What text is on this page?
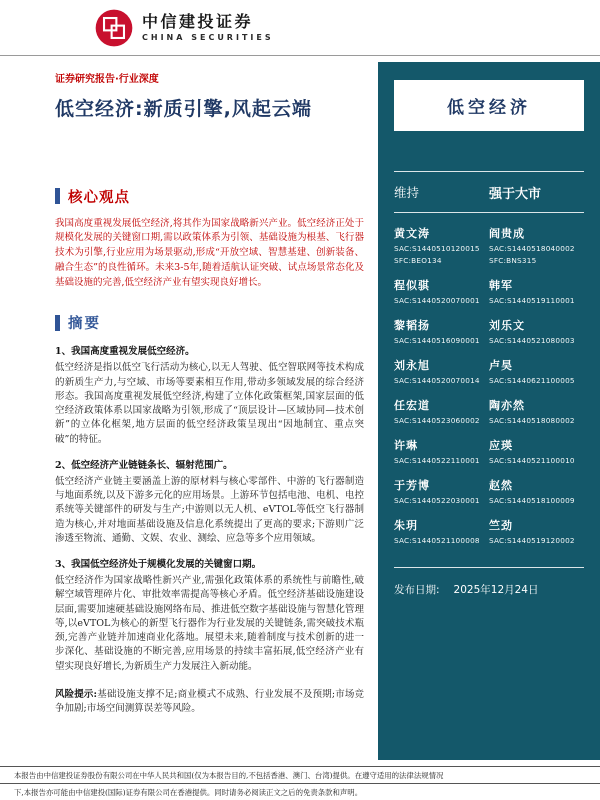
中信建投证券
CHINA SECURITIES
证券研究报告·行业深度
低空经济:新质引擎,风起云端
核心观点

我国高度重视发展低空经济,将其作为国家战略新兴产业。低空经济正处于规模化发展的关键窗口期,需以政策体系为引领、基础设施为根基、飞行器技术为引擎,行业应用为场景驱动,形成“开放空域、智慧基建、创新装备、融合生态”的良性循环。未来3-5年,随着适航认证突破、试点场景常态化及基础设施的完善,低空经济产业有望实现良好增长。

摘要
1、我国高度重视发展低空经济。

低空经济是指以低空飞行活动为核心,以无人驾驶、低空智联网等技术构成的新质生产力,与空域、市场等要素相互作用,带动多领域发展的综合经济形态。我国高度重视发展低空经济,构建了立体化政策框架,国家层面的低空经济政策体系以国家战略为引领,形成了“顶层设计—区域协同—技术创新”的立体化框架,地方层面的低空经济政策呈现出“因地制宜、重点突破”的特征。

2、低空经济产业链链条长、辐射范围广。

低空经济产业链主要涵盖上游的原材料与核心零部件、中游的飞行器制造与地面系统,以及下游多元化的应用场景。上游环节包括电池、电机、电控系统等关键部件的研发与生产;中游则以无人机、eVTOL等低空飞行器制造为核心,并对地面基础设施及信息化系统提出了更高的要求;下游则广泛渗透至物流、通勤、文娱、农业、测绘、应急等多个应用领域。

3、我国低空经济处于规模化发展的关键窗口期。

低空经济作为国家战略性新兴产业,需强化政策体系的系统性与前瞻性,破解空域管理碎片化、审批效率需提高等核心矛盾。低空经济基础设施建设层面,需要加速硬基础设施网络布局、推进低空数字基础设施与智慧化管理等,以eVTOL为核心的新型飞行器作为行业发展的关键链条,需突破技术瓶颈,完善产业链并加速商业化落地。展望未来,随着制度与技术创新的进一步深化、基础设施的不断完善,应用场景的持续丰富拓展,低空经济产业有望实现良好增长,为新质生产力发展注入新动能。

风险提示:基础设施支撑不足;商业模式不成熟、行业发展不及预期;市场竞争加剧;市场空间测算误差等风险。

低空经济
维持	强于大市
黄文涛	阎贵成
SAC:S1440510120015	SAC:S1440518040002
SFC:BEO134	SFC:BNS315
程似骐	韩军
SAC:S1440520070001	SAC:S1440519110001
黎韬扬	刘乐文
SAC:S1440516090001	SAC:S1440521080003
刘永旭	卢昊
SAC:S1440520070014	SAC:S1440621100005
任宏道	陶亦然
SAC:S1440523060002	SAC:S1440518080002
许琳	应瑛
SAC:S1440522110001	SAC:S1440521100010
于芳博	赵然
SAC:S1440522030001	SAC:S1440518100009
朱玥	竺劲
SAC:S1440521100008	SAC:S1440519120002
发布日期: 2025年12月24日
本报告由中信建投证券股份有限公司在中华人民共和国(仅为本报告目的,不包括香港、澳门、台湾)提供。在遵守适用的法律法规情况
下,本报告亦可能由中信建投(国际)证券有限公司在香港提供。同时请务必阅读正文之后的免责条款和声明。
